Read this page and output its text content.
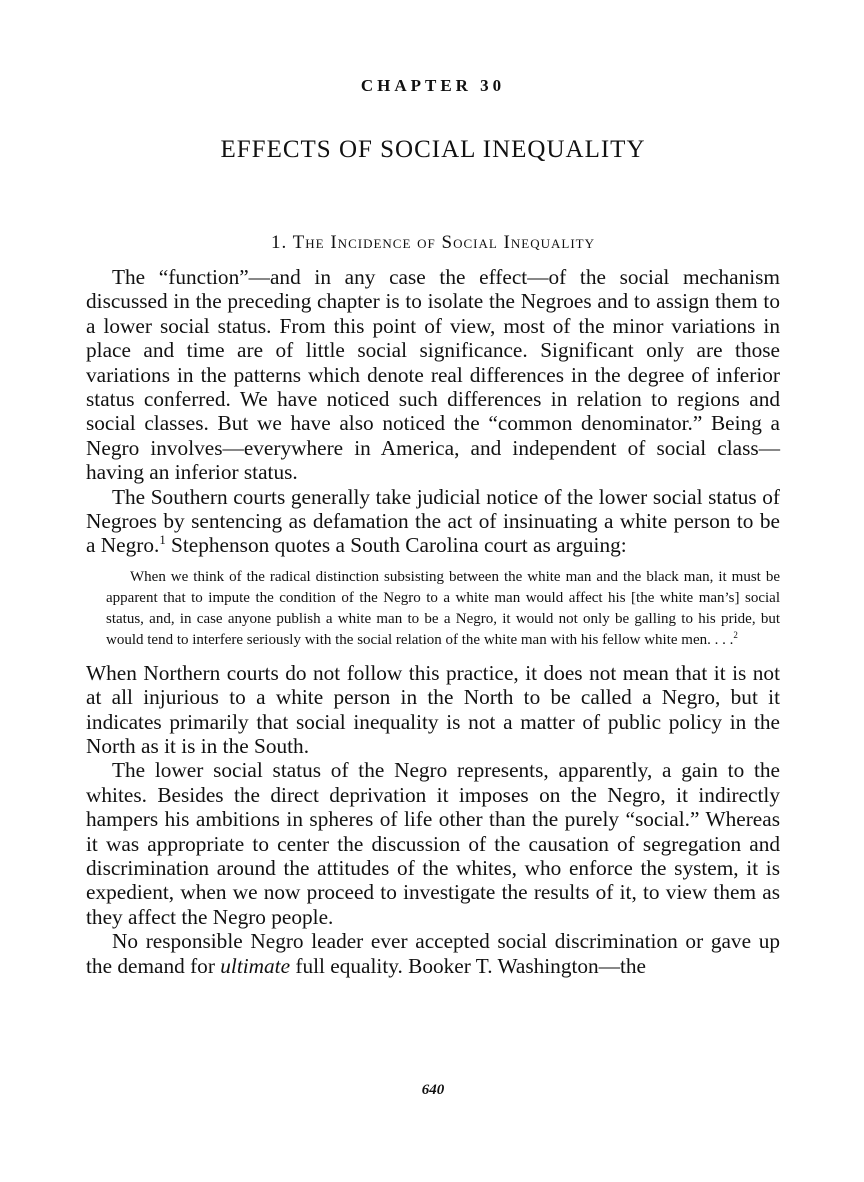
CHAPTER 30
EFFECTS OF SOCIAL INEQUALITY
1. The Incidence of Social Inequality

The “function”—and in any case the effect—of the social mechanism discussed in the preceding chapter is to isolate the Negroes and to assign them to a lower social status. From this point of view, most of the minor variations in place and time are of little social significance. Significant only are those variations in the patterns which denote real differences in the degree of inferior status conferred. We have noticed such differences in relation to regions and social classes. But we have also noticed the “common denominator.” Being a Negro involves—everywhere in America, and independent of social class—having an inferior status.

The Southern courts generally take judicial notice of the lower social status of Negroes by sentencing as defamation the act of insinuating a white person to be a Negro.$^1$ Stephenson quotes a South Carolina court as arguing:

When we think of the radical distinction subsisting between the white man and the black man, it must be apparent that to impute the condition of the Negro to a white man would affect his [the white man’s] social status, and, in case anyone publish a white man to be a Negro, it would not only be galling to his pride, but would tend to interfere seriously with the social relation of the white man with his fellow white men. . . .$^2$

When Northern courts do not follow this practice, it does not mean that it is not at all injurious to a white person in the North to be called a Negro, but it indicates primarily that social inequality is not a matter of public policy in the North as it is in the South.

The lower social status of the Negro represents, apparently, a gain to the whites. Besides the direct deprivation it imposes on the Negro, it indirectly hampers his ambitions in spheres of life other than the purely “social.” Whereas it was appropriate to center the discussion of the causation of segregation and discrimination around the attitudes of the whites, who enforce the system, it is expedient, when we now proceed to investigate the results of it, to view them as they affect the Negro people.

No responsible Negro leader ever accepted social discrimination or gave up the demand for ultimate full equality. Booker T. Washington—the

640
